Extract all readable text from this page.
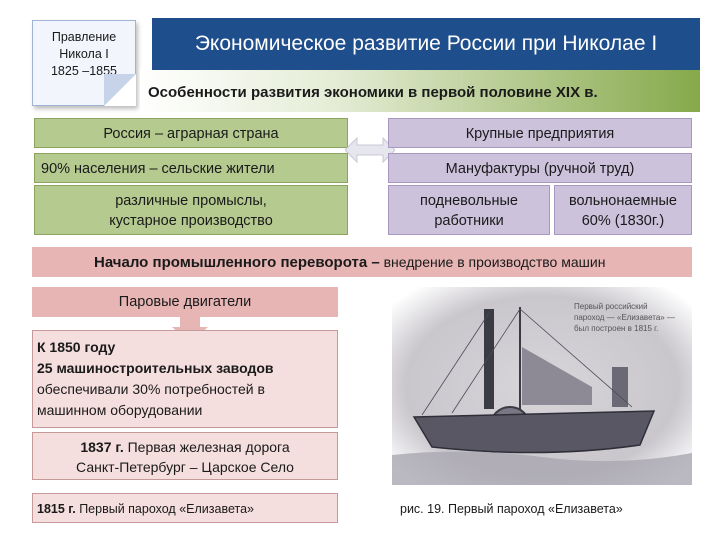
Правление
Никола I
1825 –1855
Экономическое развитие России при Николае I
Особенности развития экономики в первой половине XIX в.
Россия – аграрная страна
90% населения – сельские жители
различные промыслы,
кустарное производство
Крупные предприятия
Мануфактуры (ручной труд)
подневольные
работники
вольнонаемные
60% (1830г.)
Начало промышленного переворота – внедрение в производство машин
Паровые двигатели
К 1850 году
25 машиностроительных заводов
обеспечивали 30% потребностей в
машинном оборудовании
1837 г. Первая железная дорога
Санкт-Петербург – Царское Село
1815 г. Первый пароход «Елизавета»
Первый российский
пароход — «Елизавета» —
был построен в 1815 г.
рис. 19. Первый пароход «Елизавета»
